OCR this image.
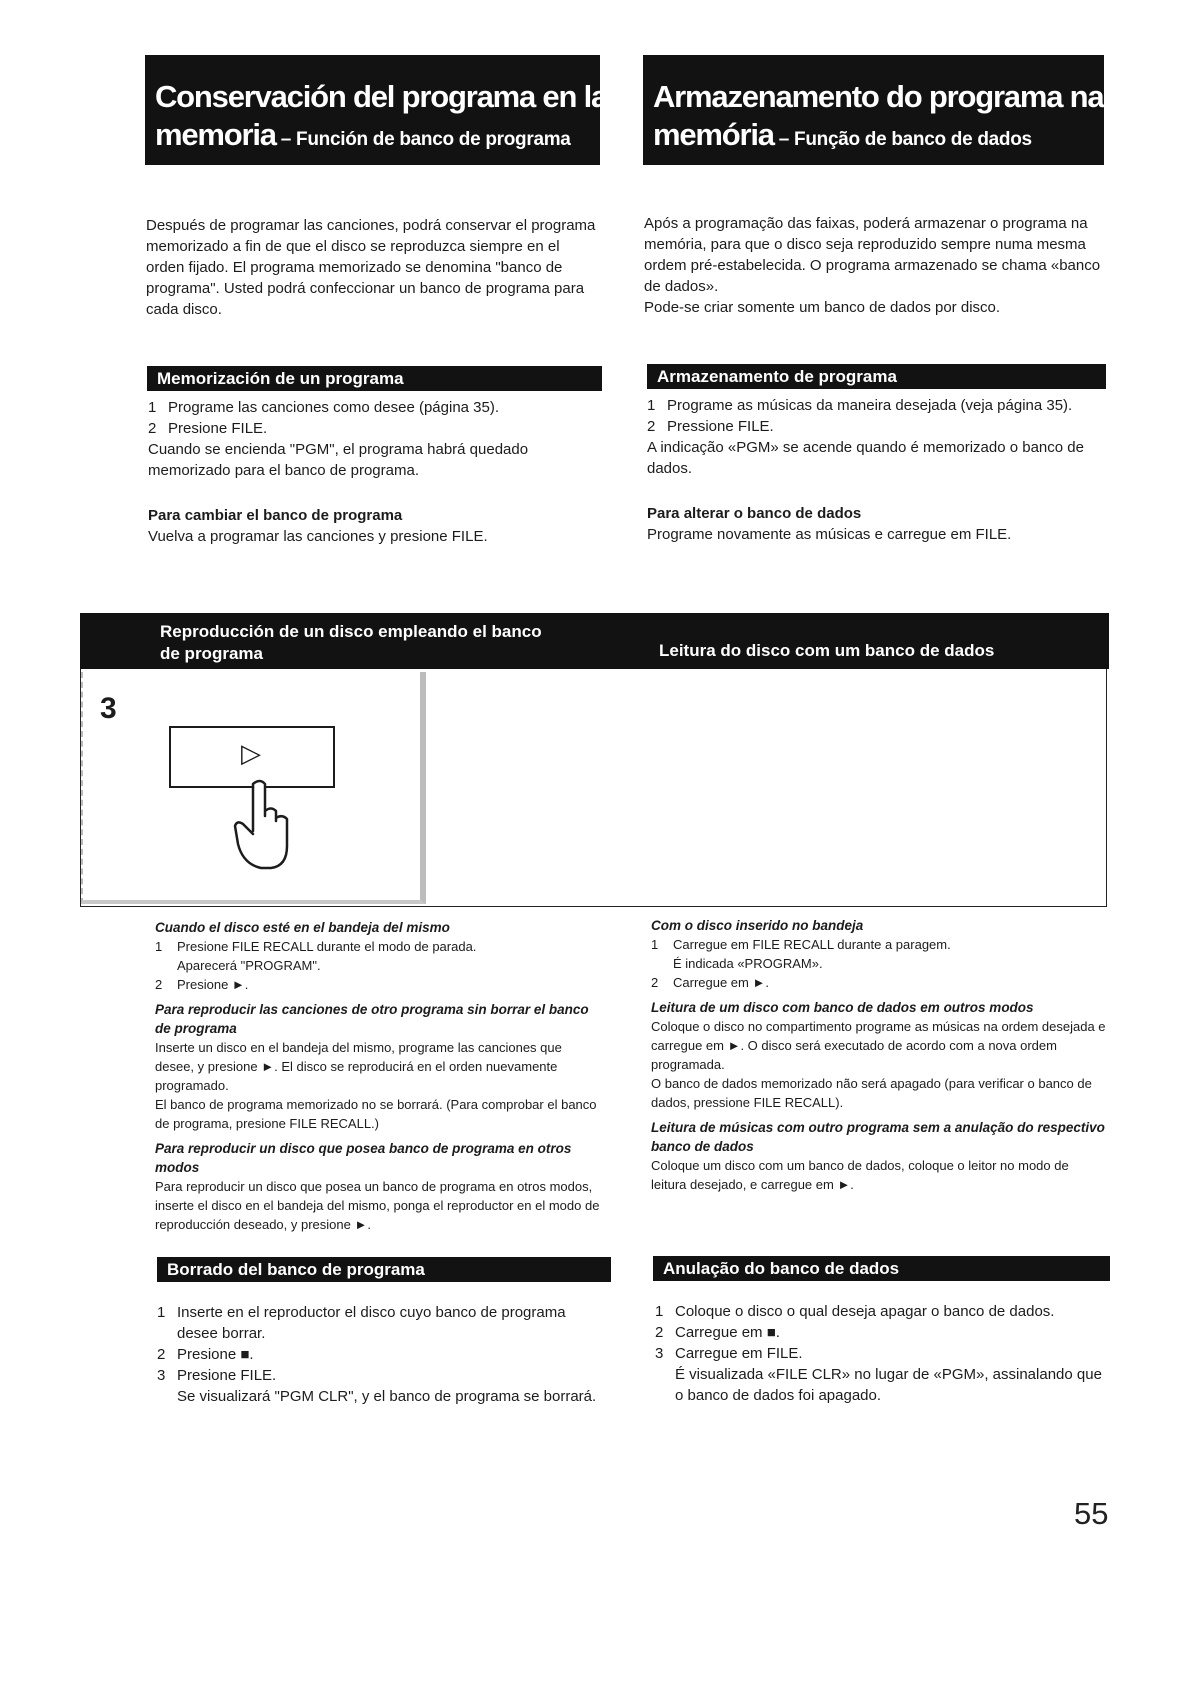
Conservación del programa en la
memoria – Función de banco de programa
Armazenamento do programa na
memória – Função de banco de dados

Después de programar las canciones, podrá conservar el programa memorizado a fin de que el disco se reproduzca siempre en el orden fijado. El programa memorizado se denomina "banco de programa". Usted podrá confeccionar un banco de programa para cada disco.

Após a programação das faixas, poderá armazenar o programa na memória, para que o disco seja reproduzido sempre numa mesma ordem pré-estabelecida. O programa armazenado se chama «banco de dados».

Pode-se criar somente um banco de dados por disco.

Memorización de un programa
1 Programe las canciones como desee (página 35).
2 Presione FILE.

Cuando se encienda "PGM", el programa habrá quedado memorizado para el banco de programa.

Para cambiar el banco de programa

Vuelva a programar las canciones y presione FILE.

Armazenamento de programa
1 Programe as músicas da maneira desejada (veja página 35).
2 Pressione FILE.

A indicação «PGM» se acende quando é memorizado o banco de dados.

Para alterar o banco de dados

Programe novamente as músicas e carregue em FILE.

Reproducción de un disco empleando el banco
de programa	Leitura do disco com um banco de dados
3
▷

Cuando el disco esté en el bandeja del mismo

1	Presione FILE RECALL durante el modo de parada.
Aparecerá "PROGRAM".
2	Presione ►.

Para reproducir las canciones de otro programa sin borrar el banco de programa

Inserte un disco en el bandeja del mismo, programe las canciones que desee, y presione ►. El disco se reproducirá en el orden nuevamente programado.

El banco de programa memorizado no se borrará. (Para comprobar el banco de programa, presione FILE RECALL.)

Para reproducir un disco que posea banco de programa en otros modos

Para reproducir un disco que posea un banco de programa en otros modos, inserte el disco en el bandeja del mismo, ponga el reproductor en el modo de reproducción deseado, y presione ►.

Com o disco inserido no bandeja

1	Carregue em FILE RECALL durante a paragem.
É indicada «PROGRAM».
2	Carregue em ►.

Leitura de um disco com banco de dados em outros modos

Coloque o disco no compartimento programe as músicas na ordem desejada e carregue em ►. O disco será executado de acordo com a nova ordem programada.

O banco de dados memorizado não será apagado (para verificar o banco de dados, pressione FILE RECALL).

Leitura de músicas com outro programa sem a anulação do respectivo banco de dados

Coloque um disco com um banco de dados, coloque o leitor no modo de leitura desejado, e carregue em ►.

Borrado del banco de programa
1 Inserte en el reproductor el disco cuyo banco de programa desee borrar.
2 Presione ■.
3 Presione FILE.
Se visualizará "PGM CLR", y el banco de programa se borrará.
Anulação do banco de dados
1 Coloque o disco o qual deseja apagar o banco de dados.
2 Carregue em ■.
3 Carregue em FILE.
É visualizada «FILE CLR» no lugar de «PGM», assinalando que o banco de dados foi apagado.
55
